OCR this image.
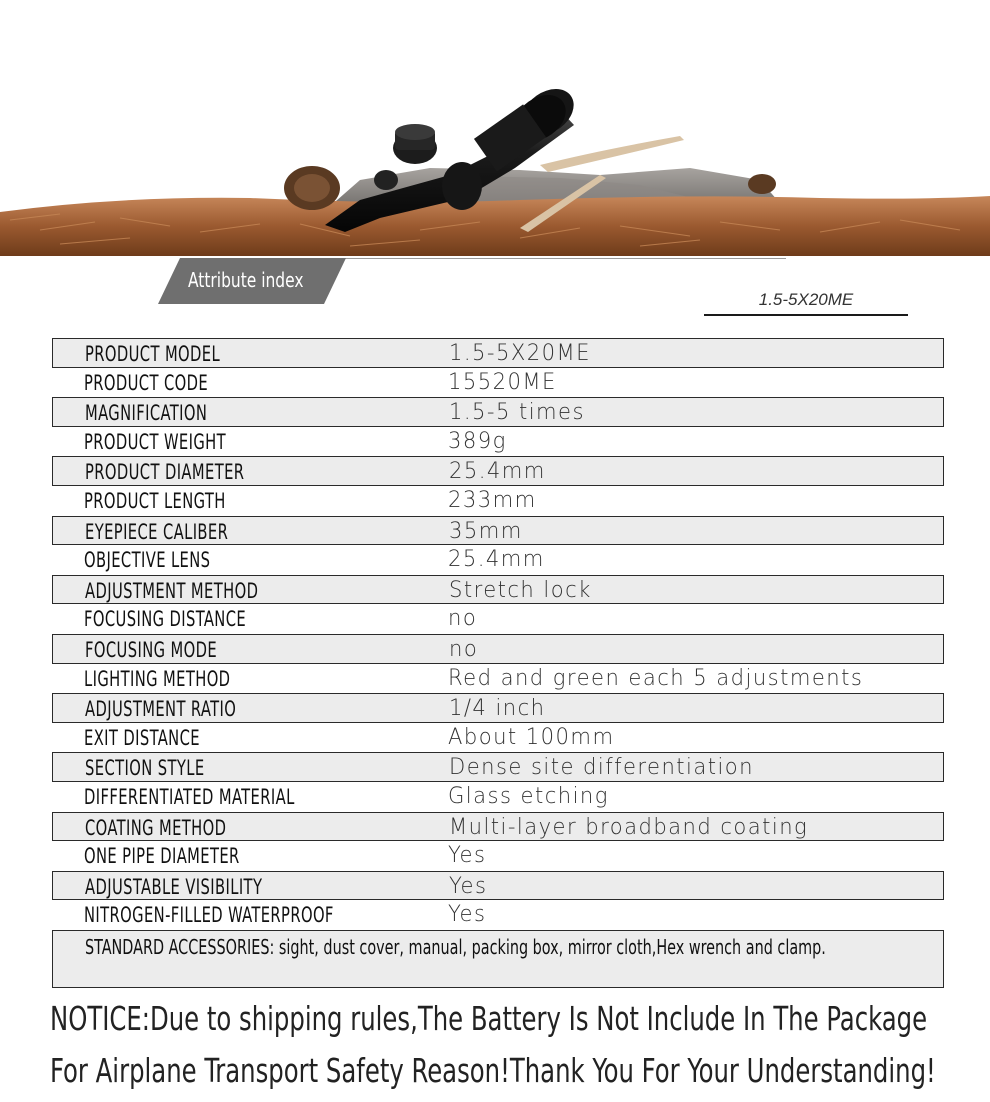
Attribute index
1.5-5X20ME
PRODUCT MODEL	1.5-5X20ME
PRODUCT CODE	15520ME
MAGNIFICATION	1.5-5 times
PRODUCT WEIGHT	389g
PRODUCT DIAMETER	25.4mm
PRODUCT LENGTH	233mm
EYEPIECE CALIBER	35mm
OBJECTIVE LENS	25.4mm
ADJUSTMENT METHOD	Stretch lock
FOCUSING DISTANCE	no
FOCUSING MODE	no
LIGHTING METHOD	Red and green each 5 adjustments
ADJUSTMENT RATIO	1/4 inch
EXIT DISTANCE	About 100mm
SECTION STYLE	Dense site differentiation
DIFFERENTIATED MATERIAL	Glass etching
COATING METHOD	Multi-layer broadband coating
ONE PIPE DIAMETER	Yes
ADJUSTABLE VISIBILITY	Yes
NITROGEN-FILLED WATERPROOF	Yes
STANDARD ACCESSORIES: sight, dust cover, manual, packing box, mirror cloth,Hex wrench and clamp.
NOTICE:Due to shipping rules,The Battery Is Not Include In The Package
For Airplane Transport Safety Reason!Thank You For Your Understanding!
